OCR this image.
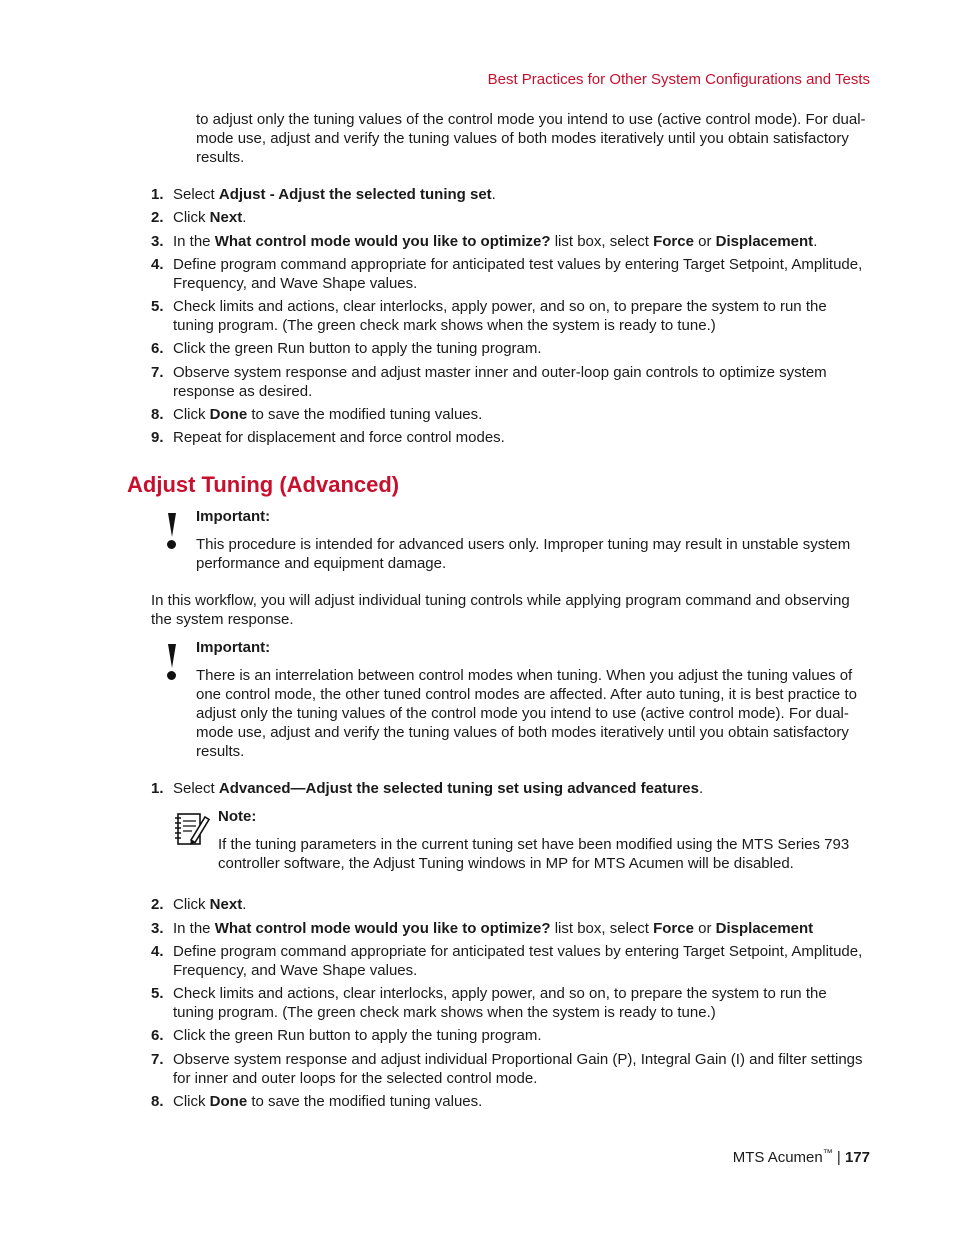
Best Practices for Other System Configurations and Tests

to adjust only the tuning values of the control mode you intend to use (active control mode). For dual-mode use, adjust and verify the tuning values of both modes iteratively until you obtain satisfactory results.

1. Select Adjust - Adjust the selected tuning set.
2. Click Next.
3. In the What control mode would you like to optimize? list box, select Force or Displacement.
4. Define program command appropriate for anticipated test values by entering Target Setpoint, Amplitude, Frequency, and Wave Shape values.
5. Check limits and actions, clear interlocks, apply power, and so on, to prepare the system to run the tuning program. (The green check mark shows when the system is ready to tune.)
6. Click the green Run button to apply the tuning program.
7. Observe system response and adjust master inner and outer-loop gain controls to optimize system response as desired.
8. Click Done to save the modified tuning values.
9. Repeat for displacement and force control modes.
Adjust Tuning (Advanced)
Important:

This procedure is intended for advanced users only. Improper tuning may result in unstable system performance and equipment damage.

In this workflow, you will adjust individual tuning controls while applying program command and observing the system response.

Important:

There is an interrelation between control modes when tuning. When you adjust the tuning values of one control mode, the other tuned control modes are affected. After auto tuning, it is best practice to adjust only the tuning values of the control mode you intend to use (active control mode). For dual-mode use, adjust and verify the tuning values of both modes iteratively until you obtain satisfactory results.

1. Select Advanced—Adjust the selected tuning set using advanced features.
Note:

If the tuning parameters in the current tuning set have been modified using the MTS Series 793 controller software, the Adjust Tuning windows in MP for MTS Acumen will be disabled.

2. Click Next.
3. In the What control mode would you like to optimize? list box, select Force or Displacement
4. Define program command appropriate for anticipated test values by entering Target Setpoint, Amplitude, Frequency, and Wave Shape values.
5. Check limits and actions, clear interlocks, apply power, and so on, to prepare the system to run the tuning program. (The green check mark shows when the system is ready to tune.)
6. Click the green Run button to apply the tuning program.
7. Observe system response and adjust individual Proportional Gain (P), Integral Gain (I) and filter settings for inner and outer loops for the selected control mode.
8. Click Done to save the modified tuning values.
MTS Acumen™ | 177
